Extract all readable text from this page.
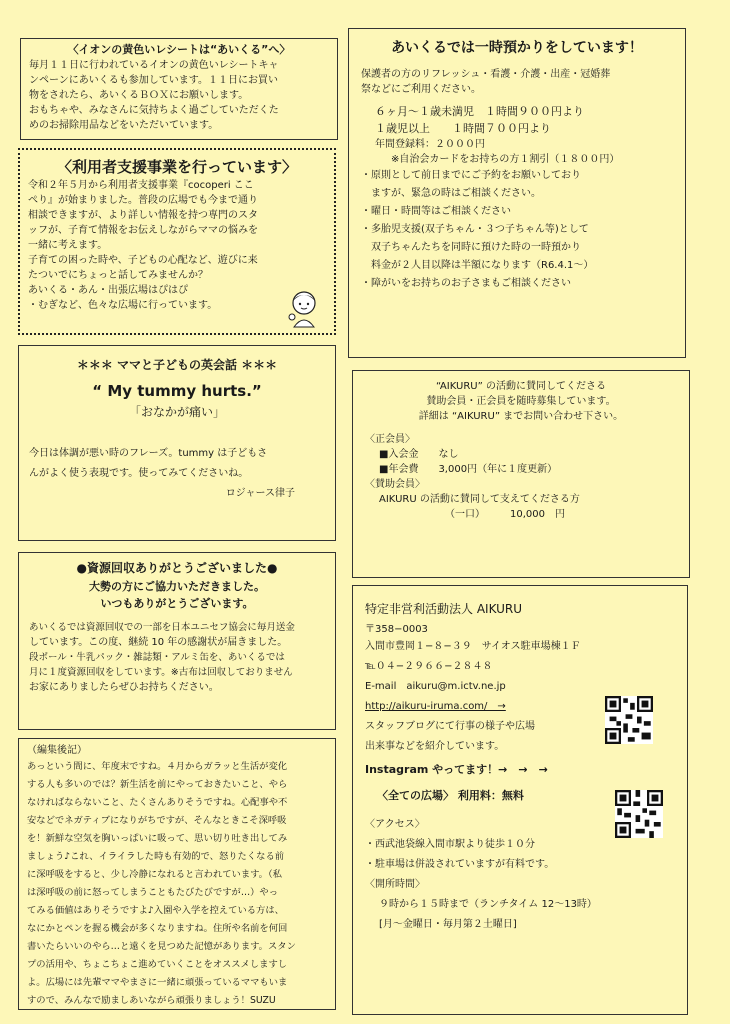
〈イオンの黄色いレシートは“あいくる”へ〉
毎月１１日に行われているイオンの黄色いレシートキャ
ンペーンにあいくるも参加しています。１１日にお買い
物をされたら、あいくるＢＯＸにお願いします。
おもちゃや、みなさんに気持ちよく過ごしていただくた
めのお掃除用品などをいただいています。
〈利用者支援事業を行っています〉
令和２年５月から利用者支援事業『cocoperi ここ
ぺり』が始まりました。普段の広場でも今まで通り
相談できますが、より詳しい情報を持つ専門のスタ
ッフが、子育て情報をお伝えしながらママの悩みを
一緒に考えます。
子育ての困った時や、子どもの心配など、遊びに来
たついでにちょっと話してみませんか？
あいくる・あん・出張広場はぴはぴ
・むぎなど、色々な広場に行っています。
＊＊＊ ママと子どもの英会話 ＊＊＊
“ My tummy hurts.”
「おなかが痛い」
今日は体調が悪い時のフレーズ。tummy は子どもさ
んがよく使う表現です。使ってみてくださいね。
ロジャース律子
●資源回収ありがとうございました●
大勢の方にご協力いただきました。
いつもありがとうございます。
あいくるでは資源回収での一部を日本ユニセフ協会に毎月送金
しています。この度、継続 10 年の感謝状が届きました。
段ボール・牛乳パック・雑誌類・アルミ缶を、あいくるでは
月に１度資源回収をしています。※古布は回収しておりません
お家にありましたらぜひお持ちください。
（編集後記）
あっという間に、年度末ですね。４月からガラッと生活が変化
する人も多いのでは？新生活を前にやっておきたいこと、やら
なければならないこと、たくさんありそうですね。心配事や不
安などでネガティブになりがちですが、そんなときこそ深呼吸
を！新鮮な空気を胸いっぱいに吸って、思い切り吐き出してみ
ましょう♪これ、イライラした時も有効的で、怒りたくなる前
に深呼吸をすると、少し冷静になれると言われています。（私
は深呼吸の前に怒ってしまうこともたびたびですが…）やっ
てみる価値はありそうですよ♪入園や入学を控えている方は、
なにかとペンを握る機会が多くなりますね。住所や名前を何回
書いたらいいのやら…と遠くを見つめた記憶があります。スタン
プの活用や、ちょこちょこ進めていくことをオススメしますし
よ。広場には先輩ママやまさに一緒に頑張っているママもいま
すので、みんなで励ましあいながら頑張りましょう！SUZU
あいくるでは一時預かりをしています！
保護者の方のリフレッシュ・看護・介護・出産・冠婚葬
祭などにご利用ください。
６ヶ月〜１歳未満児　１時間９００円より
１歳児以上　　１時間７００円より
年間登録料：２０００円
※自治会カードをお持ちの方１割引（１８００円）
・原則として前日までにご予約をお願いしており
　ますが、緊急の時はご相談ください。
・曜日・時間等はご相談ください
・多胎児支援(双子ちゃん・３つ子ちゃん等)として
　双子ちゃんたちを同時に預けた時の一時預かり
　料金が２人目以降は半額になります（R6.4.1〜）
・障がいをお持ちのお子さまもご相談ください
“AIKURU” の活動に賛同してくださる
賛助会員・正会員を随時募集しています。
詳細は “AIKURU” までお問い合わせ下さい。
〈正会員〉
■入会金　　なし
■年会費　　3,000円（年に１度更新）
〈賛助会員〉
AIKURU の活動に賛同して支えてくださる方
（一口）　　　10,000　円
特定非営利活動法人 AIKURU
〒358−0003
入間市豊岡１−８−３９　サイオス駐車場棟１Ｆ
℡０４−２９６６−２８４８
E-mail　aikuru@m.ictv.ne.jp
http://aikuru-iruma.com/　→
スタッフブログにて行事の様子や広場
出来事などを紹介しています。
Instagram やってます！→　→　→
〈全ての広場〉 利用料：無料
〈アクセス〉
・西武池袋線入間市駅より徒歩１０分
・駐車場は併設されていますが有料です。
〈開所時間〉
９時から１５時まで（ランチタイム 12〜13時）
[月〜金曜日・毎月第２土曜日]
